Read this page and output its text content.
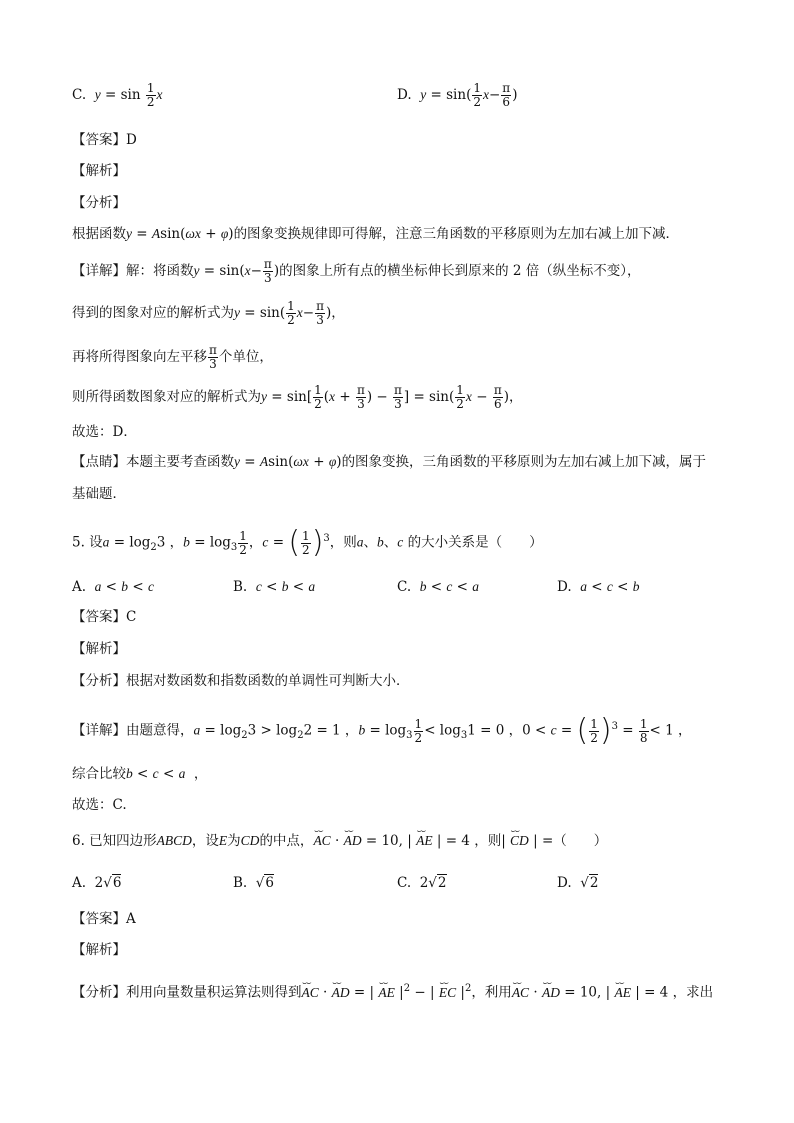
C. $y = \sin \frac{1}{2}$ x	D. $y = \sin( \frac{1}{2} x- \frac{\pi}{6}$ )
【答案】D
【解析】
【分析】
根据函数y = Asin(ωx + φ)的图象变换规律即可得解，注意三角函数的平移原则为左加右减上加下减．
【详解】解：将函数$y = \sin(x- \frac{\pi}{3}$ )的图象上所有点的横坐标伸长到原来的 2 倍（纵坐标不变），
得到的图象对应的解析式为$y = \sin( \frac{1}{2} x- \frac{\pi}{3}$ )，
再将所得图象向左平移 $\frac{\pi}{3}$ 个单位，
则所得函数图象对应的解析式为$y = \sin[ \frac{1}{2} (x + \frac{\pi}{3}$ ) − $\frac{\pi}{3}$ ] = $\sin( \frac{1}{2}$ $x - \frac{\pi}{6}$ )，
故选：D．
【点睛】本题主要考查函数y = Asin(ωx + φ)的图象变换，三角函数的平移原则为左加右减上加下减，属于
基础题．
5. 设$a = \log_23$ ，$b = \log_3 \frac{1}{2}$ ，c = ( $\frac{1}{2} )^3$，则a、b、c 的大小关系是（　　）
A. a < b < c	B. c < b < a	C. b < c < a	D. a < c < b
【答案】C
【解析】
【分析】根据对数函数和指数函数的单调性可判断大小．
【详解】由题意得，$a = \log_23 > \log_22 = 1$ ，$b = \log_3 \frac{1}{2} < \log_31 = 0$ ，0 < c = ( $\frac{1}{2} )^3 = \frac{1}{8} < 1$ ，
综合比较b < c < a  ，
故选：C.
6. 已知四边形ABCD，设E为CD的中点，⌣⌣ AC · ⌣⌣ AD = 10, | ⌣⌣ AE | = 4 ，则| ⌣⌣ CD | =（　　）
A.  2√6	B.  √6	C.  2√2	D.  √2
【答案】A
【解析】
【分析】利用向量数量积运算法则得到⌣⌣ AC · ⌣⌣ AD = | ⌣⌣ AE $|^2$ − | ⌣⌣ EC $|^2$，利用⌣⌣ AC · ⌣⌣ AD = 10, | ⌣⌣ AE | = 4 ，求出
